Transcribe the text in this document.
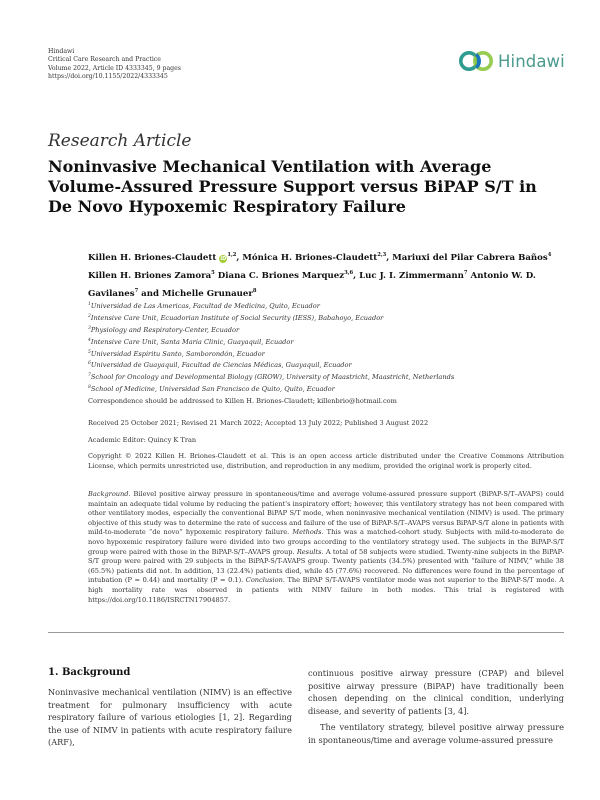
Hindawi
Critical Care Research and Practice
Volume 2022, Article ID 4333345, 9 pages
https://doi.org/10.1155/2022/4333345
Hindawi
Research Article
Noninvasive Mechanical Ventilation with Average Volume-Assured Pressure Support versus BiPAP S/T in De Novo Hypoxemic Respiratory Failure
Killen H. Briones-Claudett iD$^{1,2}$, Mónica H. Briones-Claudett$^{2,3}$, Mariuxi del Pilar Cabrera Baños$^4$ Killen H. Briones Zamora$^5$ Diana C. Briones Marquez$^{3,6}$, Luc J. I. Zimmermann$^7$ Antonio W. D. Gavilanes$^7$ and Michelle Grunauer$^8$
$^1$Universidad de Las Americas, Facultad de Medicina, Quito, Ecuador
$^2$Intensive Care Unit, Ecuadorian Institute of Social Security (IESS), Babahoyo, Ecuador
$^3$Physiology and Respiratory-Center, Ecuador
$^4$Intensive Care Unit, Santa Maria Clinic, Guayaquil, Ecuador
$^5$Universidad Espiritu Santo, Samborondón, Ecuador
$^6$Universidad de Guayaquil, Facultad de Ciencias Médicas, Guayaquil, Ecuador
$^7$School for Oncology and Developmental Biology (GROW), University of Maastricht, Maastricht, Netherlands
$^8$School of Medicine, Universidad San Francisco de Quito, Quito, Ecuador
Correspondence should be addressed to Killen H. Briones-Claudett; killenbrio@hotmail.com
Received 25 October 2021; Revised 21 March 2022; Accepted 13 July 2022; Published 3 August 2022
Academic Editor: Quincy K Tran
Copyright © 2022 Killen H. Briones-Claudett et al. This is an open access article distributed under the Creative Commons Attribution License, which permits unrestricted use, distribution, and reproduction in any medium, provided the original work is properly cited.
Background. Bilevel positive airway pressure in spontaneous/time and average volume-assured pressure support (BiPAP-S/T–AVAPS) could maintain an adequate tidal volume by reducing the patient's inspiratory effort; however, this ventilatory strategy has not been compared with other ventilatory modes, especially the conventional BiPAP S/T mode, when noninvasive mechanical ventilation (NIMV) is used. The primary objective of this study was to determine the rate of success and failure of the use of BiPAP-S/T–AVAPS versus BiPAP-S/T alone in patients with mild-to-moderate “de novo” hypoxemic respiratory failure. Methods. This was a matched-cohort study. Subjects with mild-to-moderate de novo hypoxemic respiratory failure were divided into two groups according to the ventilatory strategy used. The subjects in the BiPAP-S/T group were paired with those in the BiPAP-S/T–AVAPS group. Results. A total of 58 subjects were studied. Twenty-nine subjects in the BiPAP-S/T group were paired with 29 subjects in the BiPAP-S/T-AVAPS group. Twenty patients (34.5%) presented with “failure of NIMV,” while 38 (65.5%) patients did not. In addition, 13 (22.4%) patients died, while 45 (77.6%) recovered. No differences were found in the percentage of intubation (P = 0.44) and mortality (P = 0.1). Conclusion. The BiPAP S/T-AVAPS ventilator mode was not superior to the BiPAP-S/T mode. A high mortality rate was observed in patients with NIMV failure in both modes. This trial is registered with https://doi.org/10.1186/ISRCTN17904857.
1. Background
Noninvasive mechanical ventilation (NIMV) is an effective treatment for pulmonary insufficiency with acute respiratory failure of various etiologies [1, 2]. Regarding the use of NIMV in patients with acute respiratory failure (ARF),
continuous positive airway pressure (CPAP) and bilevel positive airway pressure (BiPAP) have traditionally been chosen depending on the clinical condition, underlying disease, and severity of patients [3, 4].
The ventilatory strategy, bilevel positive airway pressure in spontaneous/time and average volume-assured pressure
